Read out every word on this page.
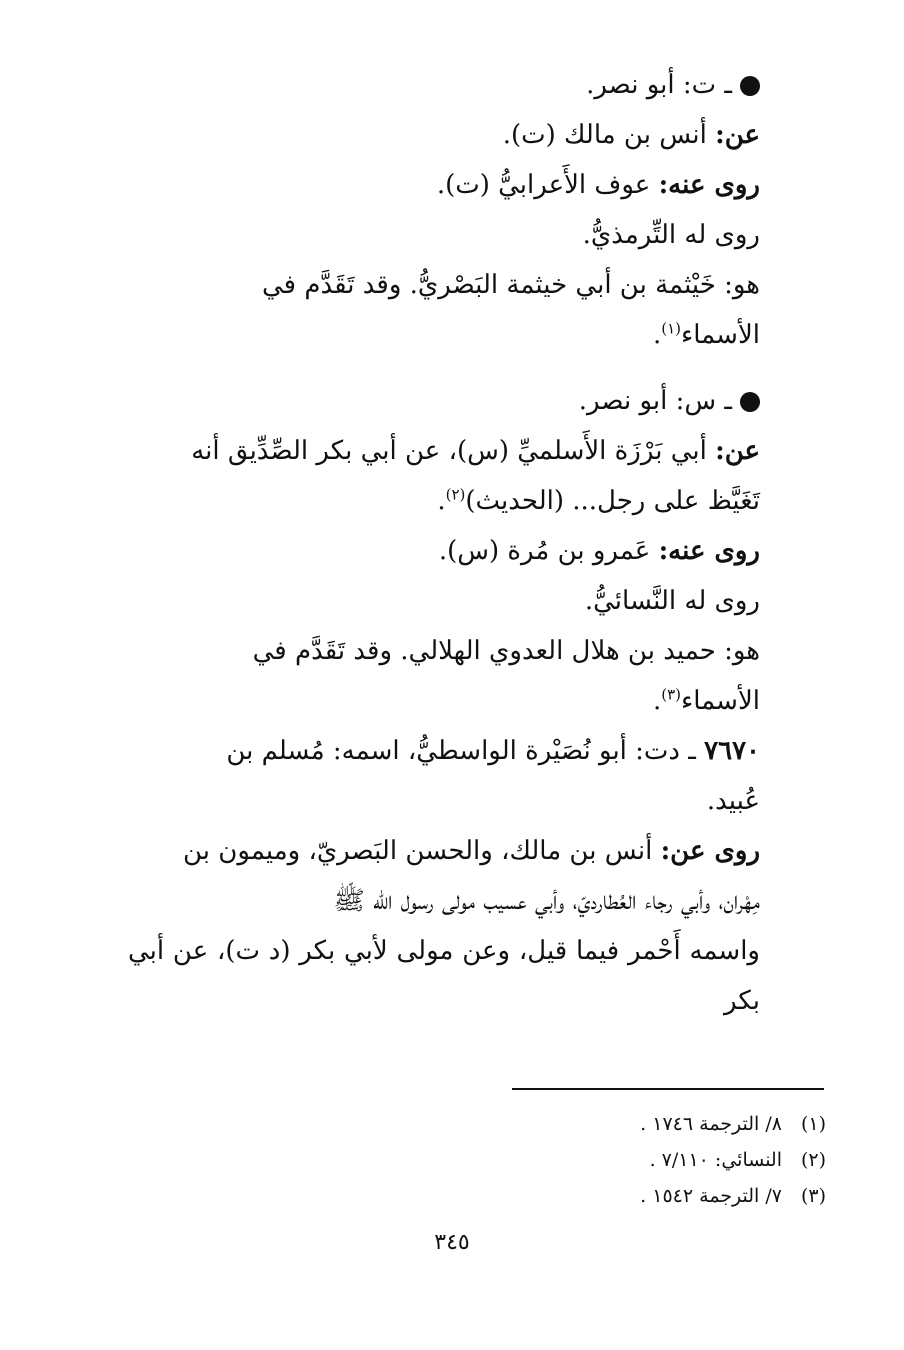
ـ ت: أبو نصر.

عن: أنس بن مالك (ت).

روى عنه: عوف الأَعرابيُّ (ت).

روى له التِّرمذيُّ.

هو: خَيْثمة بن أبي خيثمة البَصْريُّ. وقد تَقَدَّم في
الأسماء$^{(١)}$.

ـ س: أبو نصر.

عن: أبي بَرْزَة الأَسلميِّ (س)، عن أبي بكر الصِّدِّيق أنه
تَغَيَّظ على رجل... (الحديث)$^{(٢)}$.

روى عنه: عَمرو بن مُرة (س).

روى له النَّسائيُّ.

هو: حميد بن هلال العدوي الهلالي. وقد تَقَدَّم في
الأسماء$^{(٣)}$.

٧٦٧٠ ـ دت: أبو نُصَيْرة الواسطيُّ، اسمه: مُسلم بن
عُبيد.

روى عن: أنس بن مالك، والحسن البَصريّ، وميمون بن
مِهْران، وأبي رجاء العُطارديّ، وأبي عسيب مولى رسول الله ﷺ
واسمه أَحْمر فيما قيل، وعن مولى لأبي بكر (د ت)، عن أبي بكر

(١)٨/ الترجمة ١٧٤٦ .
(٢)النسائي: ٧/١١٠ .
(٣)٧/ الترجمة ١٥٤٢ .
٣٤٥
